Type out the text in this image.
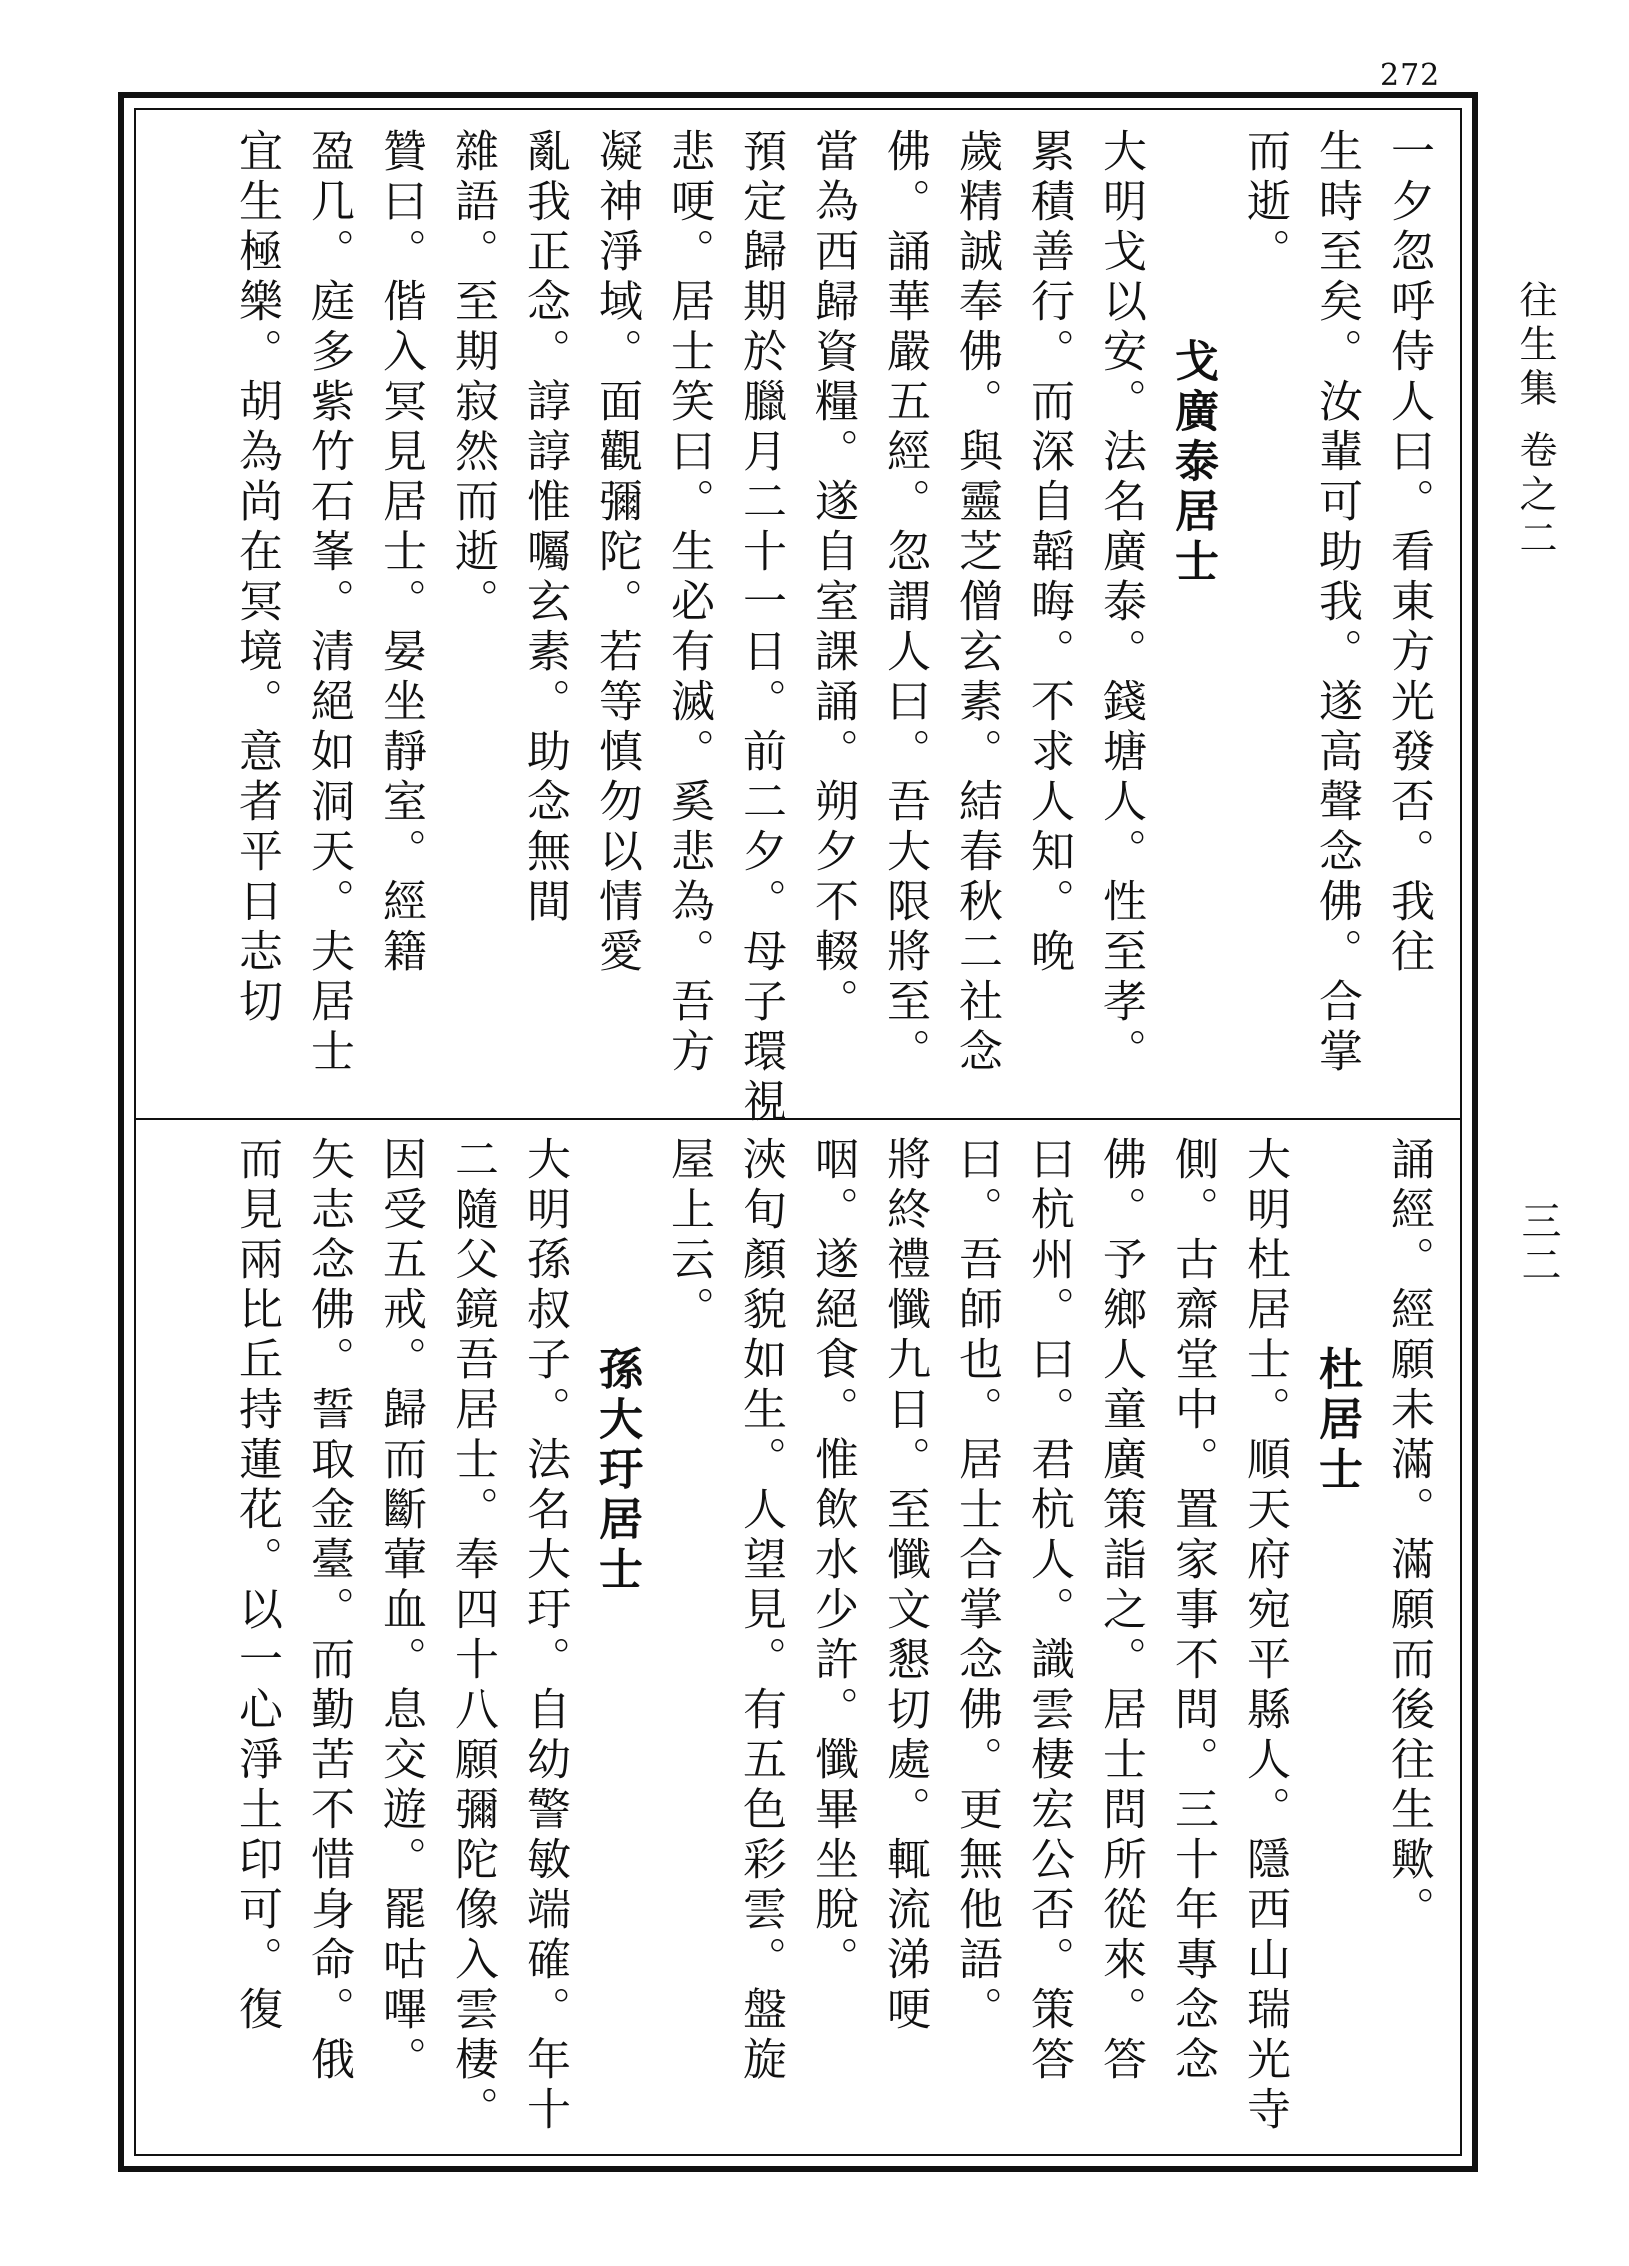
272
往生集 卷之二
三二
一夕忽呼侍人曰。看東方光發否。我往
生時至矣。汝輩可助我。遂高聲念佛。合掌
而逝。
戈廣泰居士
大明戈以安。法名廣泰。錢塘人。性至孝。
累積善行。而深自韜晦。不求人知。晚
歲精誠奉佛。與靈芝僧玄素。結春秋二社念
佛。誦華嚴五經。忽謂人曰。吾大限將至。
當為西歸資糧。遂自室課誦。朔夕不輟。
預定歸期於臘月二十一日。前二夕。母子環視
悲哽。居士笑曰。生必有滅。奚悲為。吾方
凝神淨域。面觀彌陀。若等慎勿以情愛
亂我正念。諄諄惟囑玄素。助念無間
雜語。至期寂然而逝。
贊曰。偕入冥見居士。晏坐靜室。經籍
盈几。庭多紫竹石峯。清絕如洞天。夫居士
宜生極樂。胡為尚在冥境。意者平日志切
誦經。經願未滿。滿願而後往生歟。
杜居士
大明杜居士。順天府宛平縣人。隱西山瑞光寺
側。古齋堂中。置家事不問。三十年專念念
佛。予鄉人童廣策詣之。居士問所從來。答
曰杭州。曰。君杭人。識雲棲宏公否。策答
曰。吾師也。居士合掌念佛。更無他語。
將終禮懺九日。至懺文懇切處。輒流涕哽
咽。遂絕食。惟飲水少許。懺畢坐脫。
浹旬顏貌如生。人望見。有五色彩雲。盤旋
屋上云。
孫大玗居士
大明孫叔子。法名大玗。自幼警敏端確。年十
二隨父鏡吾居士。奉四十八願彌陀像入雲棲。
因受五戒。歸而斷葷血。息交遊。罷咕嗶。
矢志念佛。誓取金臺。而勤苦不惜身命。俄
而見兩比丘持蓮花。以一心淨土印可。復
